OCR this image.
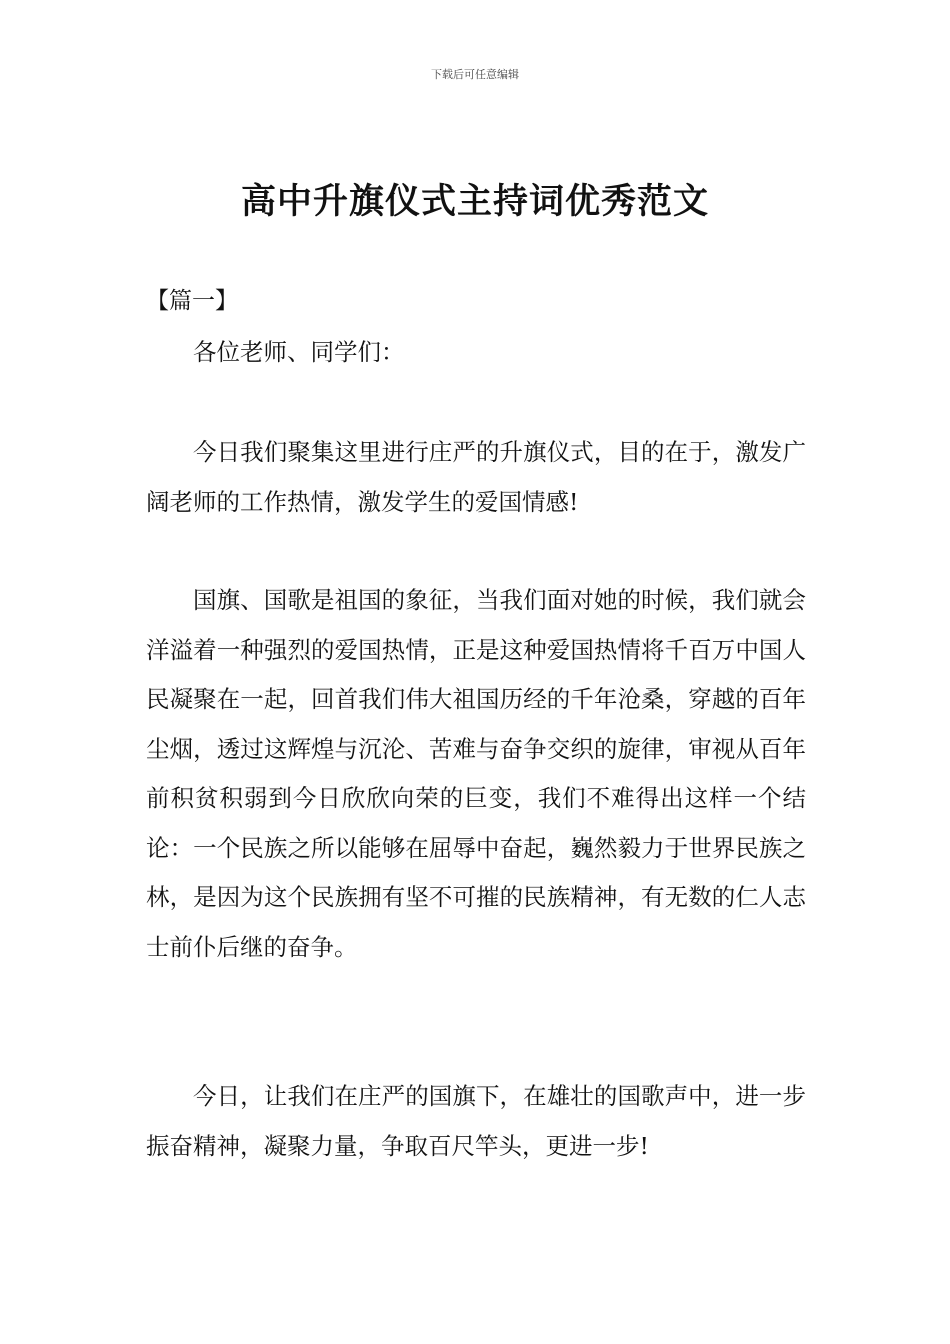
下载后可任意编辑
高中升旗仪式主持词优秀范文
【篇一】

各位老师、同学们：

今日我们聚集这里进行庄严的升旗仪式，目的在于，激发广阔老师的工作热情，激发学生的爱国情感!

国旗、国歌是祖国的象征，当我们面对她的时候，我们就会洋溢着一种强烈的爱国热情，正是这种爱国热情将千百万中国人民凝聚在一起，回首我们伟大祖国历经的千年沧桑，穿越的百年尘烟，透过这辉煌与沉沦、苦难与奋争交织的旋律，审视从百年前积贫积弱到今日欣欣向荣的巨变，我们不难得出这样一个结论：一个民族之所以能够在屈辱中奋起，巍然毅力于世界民族之林，是因为这个民族拥有坚不可摧的民族精神，有无数的仁人志士前仆后继的奋争。

今日，让我们在庄严的国旗下，在雄壮的国歌声中，进一步振奋精神，凝聚力量，争取百尺竿头，更进一步!
